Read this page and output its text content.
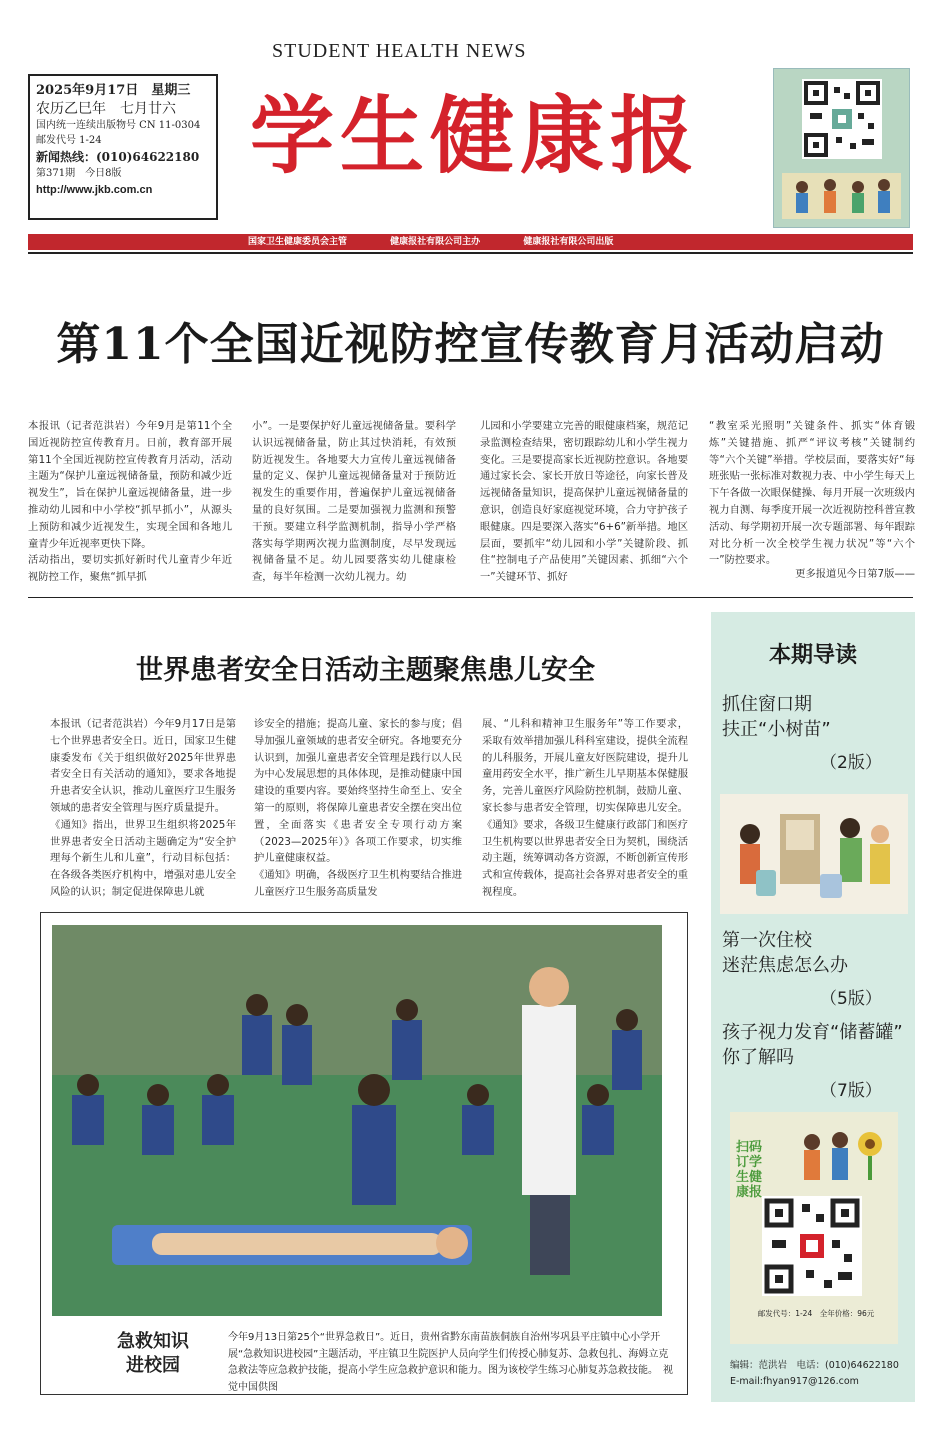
STUDENT HEALTH NEWS
2025年9月17日　星期三
农历乙巳年　七月廿六
国内统一连续出版物号 CN 11-0304
邮发代号 1-24
新闻热线：(010)64622180
第371期　今日8版
http://www.jkb.com.cn
学生健康报
国家卫生健康委员会主管	健康报社有限公司主办	健康报社有限公司出版
第11个全国近视防控宣传教育月活动启动
本报讯（记者范洪岩）今年9月是第11个全国近视防控宣传教育月。日前，教育部开展第11个全国近视防控宣传教育月活动，活动主题为“保护儿童远视储备量，预防和减少近视发生”，旨在保护儿童远视储备量，进一步推动幼儿园和中小学校“抓早抓小”，从源头上预防和减少近视发生，实现全国和各地儿童青少年近视率更快下降。
活动指出，要切实抓好新时代儿童青少年近视防控工作，聚焦“抓早抓
小”。一是要保护好儿童远视储备量。要科学认识远视储备量，防止其过快消耗，有效预防近视发生。各地要大力宣传儿童远视储备量的定义、保护儿童远视储备量对于预防近视发生的重要作用，普遍保护儿童远视储备量的良好氛围。二是要加强视力监测和预警干预。要建立科学监测机制，指导小学严格落实每学期两次视力监测制度，尽早发现远视储备量不足。幼儿园要落实幼儿健康检查，每半年检测一次幼儿视力。幼
儿园和小学要建立完善的眼健康档案，规范记录监测检查结果，密切跟踪幼儿和小学生视力变化。三是要提高家长近视防控意识。各地要通过家长会、家长开放日等途径，向家长普及远视储备量知识，提高保护儿童远视储备量的意识，创造良好家庭视觉环境，合力守护孩子眼健康。四是要深入落实“6+6”新举措。地区层面，要抓牢“幼儿园和小学”关键阶段、抓住“控制电子产品使用”关键因素、抓细“六个一”关键环节、抓好
“教室采光照明”关键条件、抓实“体育锻炼”关键措施、抓严“评议考核”关键制约等“六个关键”举措。学校层面，要落实好“每班张贴一张标准对数视力表、中小学生每天上下午各做一次眼保健操、每月开展一次班级内视力自测、每季度开展一次近视防控科普宣教活动、每学期初开展一次专题部署、每年跟踪对比分析一次全校学生视力状况”等“六个一”防控要求。
更多报道见今日第7版——
本期导读
抓住窗口期
扶正“小树苗”
（2版）
第一次住校
迷茫焦虑怎么办
（5版）
孩子视力发育“储蓄罐”
你了解吗
（7版）
扫码订学生健康报
邮发代号：1-24　全年价格：96元
编辑：范洪岩　电话：(010)64622180
E-mail:fhyan917@126.com
世界患者安全日活动主题聚焦患儿安全
本报讯（记者范洪岩）今年9月17日是第七个世界患者安全日。近日，国家卫生健康委发布《关于组织做好2025年世界患者安全日有关活动的通知》，要求各地提升患者安全认识，推动儿童医疗卫生服务领域的患者安全管理与医疗质量提升。
《通知》指出，世界卫生组织将2025年世界患者安全日活动主题确定为“安全护理每个新生儿和儿童”，行动目标包括：在各级各类医疗机构中，增强对患儿安全风险的认识；制定促进保障患儿就
诊安全的措施；提高儿童、家长的参与度；倡导加强儿童领域的患者安全研究。各地要充分认识到，加强儿童患者安全管理是践行以人民为中心发展思想的具体体现，是推动健康中国建设的重要内容。要始终坚持生命至上、安全第一的原则，将保障儿童患者安全摆在突出位置，全面落实《患者安全专项行动方案（2023—2025年）》各项工作要求，切实维护儿童健康权益。
《通知》明确，各级医疗卫生机构要结合推进儿童医疗卫生服务高质量发
展、“儿科和精神卫生服务年”等工作要求，采取有效举措加强儿科科室建设，提供全流程的儿科服务，开展儿童友好医院建设，提升儿童用药安全水平，推广新生儿早期基本保健服务，完善儿童医疗风险防控机制，鼓励儿童、家长参与患者安全管理，切实保障患儿安全。
《通知》要求，各级卫生健康行政部门和医疗卫生机构要以世界患者安全日为契机，围绕活动主题，统筹调动各方资源，不断创新宣传形式和宣传载体，提高社会各界对患者安全的重视程度。
急救知识
进校园
今年9月13日第25个“世界急救日”。近日，贵州省黔东南苗族侗族自治州岑巩县平庄镇中心小学开展“急救知识进校园”主题活动，平庄镇卫生院医护人员向学生们传授心肺复苏、急救包扎、海姆立克急救法等应急救护技能，提高小学生应急救护意识和能力。图为该校学生练习心肺复苏急救技能。　视觉中国供图
